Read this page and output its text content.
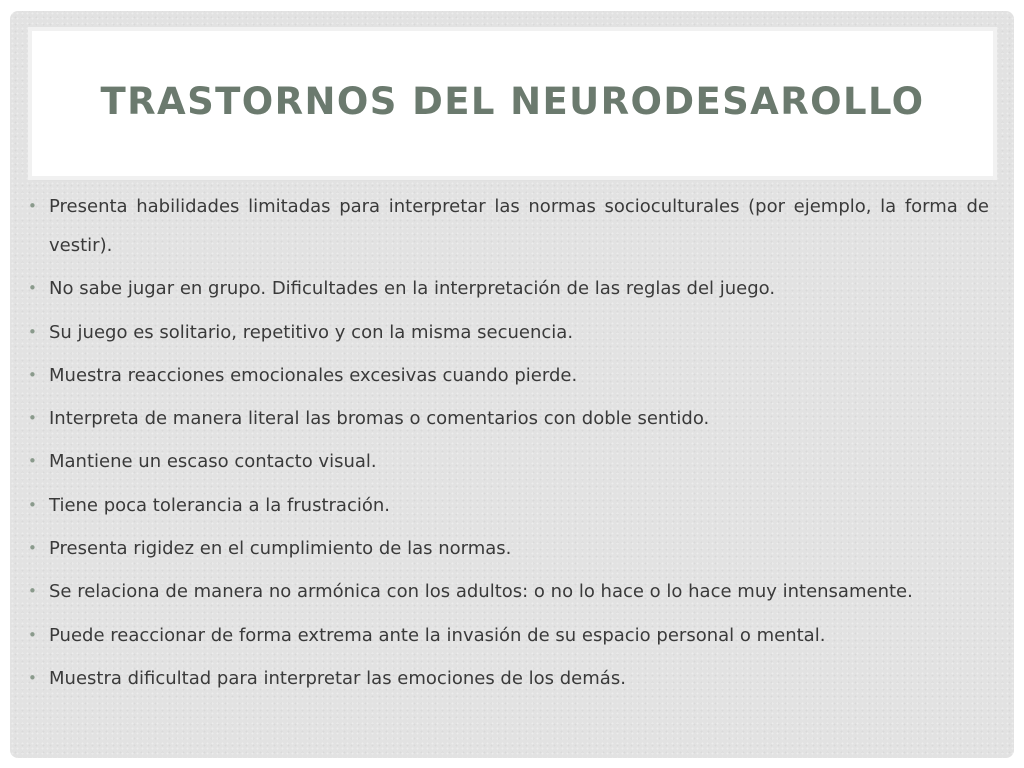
TRASTORNOS DEL NEURODESAROLLO
• Presenta habilidades limitadas para interpretar las normas socioculturales (por ejemplo, la forma de vestir).
• No sabe jugar en grupo. Dificultades en la interpretación de las reglas del juego.
• Su juego es solitario, repetitivo y con la misma secuencia.
• Muestra reacciones emocionales excesivas cuando pierde.
• Interpreta de manera literal las bromas o comentarios con doble sentido.
• Mantiene un escaso contacto visual.
• Tiene poca tolerancia a la frustración.
• Presenta rigidez en el cumplimiento de las normas.
• Se relaciona de manera no armónica con los adultos: o no lo hace o lo hace muy intensamente.
• Puede reaccionar de forma extrema ante la invasión de su espacio personal o mental.
• Muestra dificultad para interpretar las emociones de los demás.
